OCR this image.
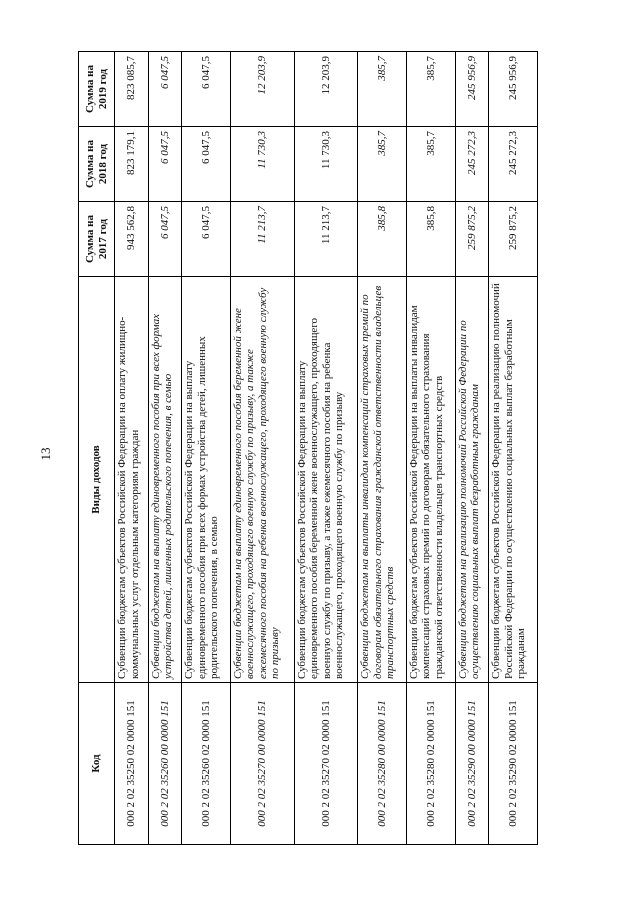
13
Код	Виды доходов	Сумма на 2017 год	Сумма на 2018 год	Сумма на 2019 год
000 2 02 35250 02 0000 151	Субвенции бюджетам субъектов Российской Федерации на оплату жилищно-коммунальных услуг отдельным категориям граждан	943 562,8	823 179,1	823 085,7
000 2 02 35260 00 0000 151	Субвенции бюджетам на выплату единовременного пособия при всех формах устройства детей, лишенных родительского попечения, в семью	6 047,5	6 047,5	6 047,5
000 2 02 35260 02 0000 151	Субвенции бюджетам субъектов Российской Федерации на выплату единовременного пособия при всех формах устройства детей, лишенных родительского попечения, в семью	6 047,5	6 047,5	6 047,5
000 2 02 35270 00 0000 151	Субвенции бюджетам на выплату единовременного пособия беременной жене военнослужащего, проходящего военную службу по призыву, а также ежемесячного пособия на ребенка военнослужащего, проходящего военную службу по призыву	11 213,7	11 730,3	12 203,9
000 2 02 35270 02 0000 151	Субвенции бюджетам субъектов Российской Федерации на выплату единовременного пособия беременной жене военнослужащего, проходящего военную службу по призыву, а также ежемесячного пособия на ребенка военнослужащего, проходящего военную службу по призыву	11 213,7	11 730,3	12 203,9
000 2 02 35280 00 0000 151	Субвенции бюджетам на выплаты инвалидам компенсаций страховых премий по договорам обязательного страхования гражданской ответственности владельцев транспортных средств	385,8	385,7	385,7
000 2 02 35280 02 0000 151	Субвенции бюджетам субъектов Российской Федерации на выплаты инвалидам компенсаций страховых премий по договорам обязательного страхования гражданской ответственности владельцев транспортных средств	385,8	385,7	385,7
000 2 02 35290 00 0000 151	Субвенции бюджетам на реализацию полномочий Российской Федерации по осуществлению социальных выплат безработным гражданам	259 875,2	245 272,3	245 956,9
000 2 02 35290 02 0000 151	Субвенции бюджетам субъектов Российской Федерации на реализацию полномочий Российской Федерации по осуществлению социальных выплат безработным гражданам	259 875,2	245 272,3	245 956,9
